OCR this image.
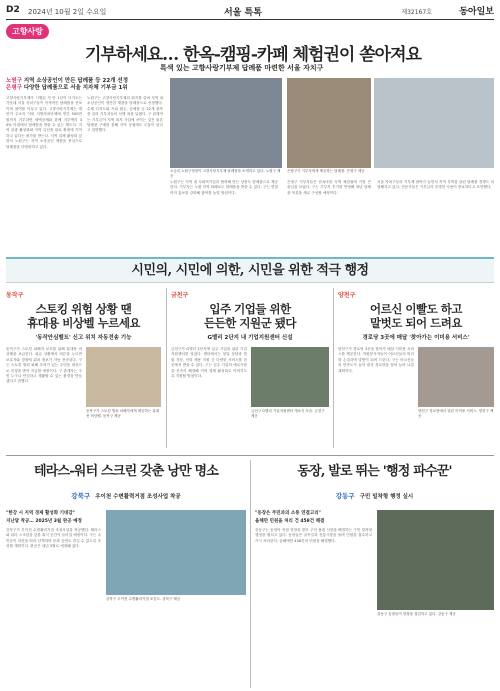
D2 2024년 10월 2일 수요일	서울 특톡	제32167호	동아일보
고향사랑
기부하세요… 한옥-캠핑-카페 체험권이 쏟아져요
특색 있는 고향사랑기부제 답례품 마련한 서울 자치구
노원구 지역 소상공인이 만든 답례품 등 22개 선정
은평구 다양한 답례품으로 서울 지자체 기부금 1위
고향사랑기부제가 시행된 지 만 1년이 다가오는 가운데 서울 자치구들이 이색적인 답례품을 선보이며 참여를 이끌고 있다. 고향사랑기부제는 개인이 주소지 이외 지방자치단체에 연간 500만 원까지 기부하면 세액공제와 함께 기부액의 30% 이내에서 답례품을 받을 수 있는 제도다. 지역 관광 활성화와 지역 특산품 판로 확대에 기여하고 있다는 평가를 받는다. 지역 업체 활성화 앞장서 노원구는 지역 소상공인 제품을 중심으로 답례품을 다양화하고 있다.
노원구는 고향사랑기부제의 취지를 살려 지역 내 소상공인이 생산한 제품을 답례품으로 선정했다. 수제 디저트와 커피 원두, 공예품 등 22개 품목을 골라 기부자들의 선택 폭을 넓혔다. 구 관계자는 기부금이 지역 복지 사업에 쓰이는 것은 물론 답례품 구매를 통해 지역 상권에도 도움이 된다고 설명했다.
오승록 노원구청장이 고향사랑기부제 답례품을 소개하고 있다. 노원구 제공
은평구가 기부자에게 제공하는 답례품. 은평구 제공
노원구는 지역 내 사회적기업과 협력해 만든 상품도 답례품으로 제공한다. 기부자는 노원 지역 화폐로도 답례품을 받을 수 있다. 구는 연말까지 홍보를 강화해 참여를 늘릴 방침이다.
은평구 기부자들은 한옥마을 숙박 체험권에 가장 큰 관심을 보였다. 구는 기부자 후기를 반영해 내년 답례품 목록을 새로 구성할 예정이다.
서울 자치구들의 기부제 참여가 늘면서 지역 특색을 살린 답례품 경쟁도 치열해지고 있다. 전문가들은 기부금의 투명한 사용이 중요하다고 조언했다.
시민의, 시민에 의한, 시민을 위한 적극 행정
동작구
스토킹 위험 상황 땐
휴대용 비상벨 누르세요
'동작안심벨트' 신고 위치 자동전송 기능
동작구가 스토킹 피해자 보호를 위해 휴대용 비상벨을 보급한다. 위급 상황에서 버튼을 누르면 보호자와 경찰에 위치 정보가 자동 전송된다. 구는 스토킹 범죄 피해 우려가 있는 주민을 대상으로 신청을 받아 지급할 예정이다. 구 관계자는 주민 누구나 안심하고 생활할 수 있는 환경을 만들겠다고 말했다.
동작구가 스토킹 범죄 피해자에게 제공하는 휴대용 비상벨. 동작구 제공
금천구
입주 기업들 위한
든든한 지원군 됐다
G밸리 2단지 내 기업지원센터 신설
금천구가 G밸리 2단지에 입주 기업을 위한 기업지원센터를 열었다. 센터에서는 창업 상담과 법률 자문, 인력 채용 지원 등 다양한 서비스를 한곳에서 받을 수 있다. 구는 입주 기업의 애로사항을 신속히 해결해 지역 경제 활성화로 이어지도록 지원할 방침이다.
금천구 G밸리 기업지원센터 개소식 모습. 금천구 제공
양천구
어르신 이빨도 하고
말벗도 되어 드려요
경로당 3곳에 매달 '찾아가는 이미용 서비스'
양천구가 경로당 3곳을 찾아가 매달 이미용 서비스를 제공한다. 자원봉사자들이 어르신들의 머리를 손질하며 말벗이 되어 드린다. 구는 어르신들의 만족도가 높아 대상 경로당을 점차 늘려 나갈 계획이다.
양천구 경로당에서 열린 이미용 서비스. 양천구 제공
테라스-워터 스크린 갖춘 낭만 명소
강북구 우이천 수변활력거점 조성사업 착공
"한강 시 지역 경제 활성화 기대감"
지난달 착공… 2025년 3월 완공 예정
강북구가 우이천 수변활력거점 조성사업을 착공했다. 테라스와 워터 스크린을 갖춘 휴식 공간이 들어설 예정이다. 구는 주민들이 하천을 따라 산책하며 문화 공연도 즐길 수 있도록 조성할 계획이다. 완공은 내년 3월로 예정돼 있다.
강북구 우이천 수변활력거점 조감도. 강북구 제공
동장, 발로 뛰는 '행정 파수꾼'
강동구 구민 밀착형 행정 실시
"동장은 주민과의 소통 연결고리"
올해만 민원을 처리 건 458건 해결
강동구는 동장이 직접 현장을 찾아 주민 불편 사항을 해결하는 구민 밀착형 행정을 펼치고 있다. 동장들은 골목길과 전통시장을 돌며 민원을 접수하고 즉시 처리한다. 올해에만 458건의 민원을 해결했다.
강동구 동장들이 현장을 점검하고 있다. 강동구 제공
